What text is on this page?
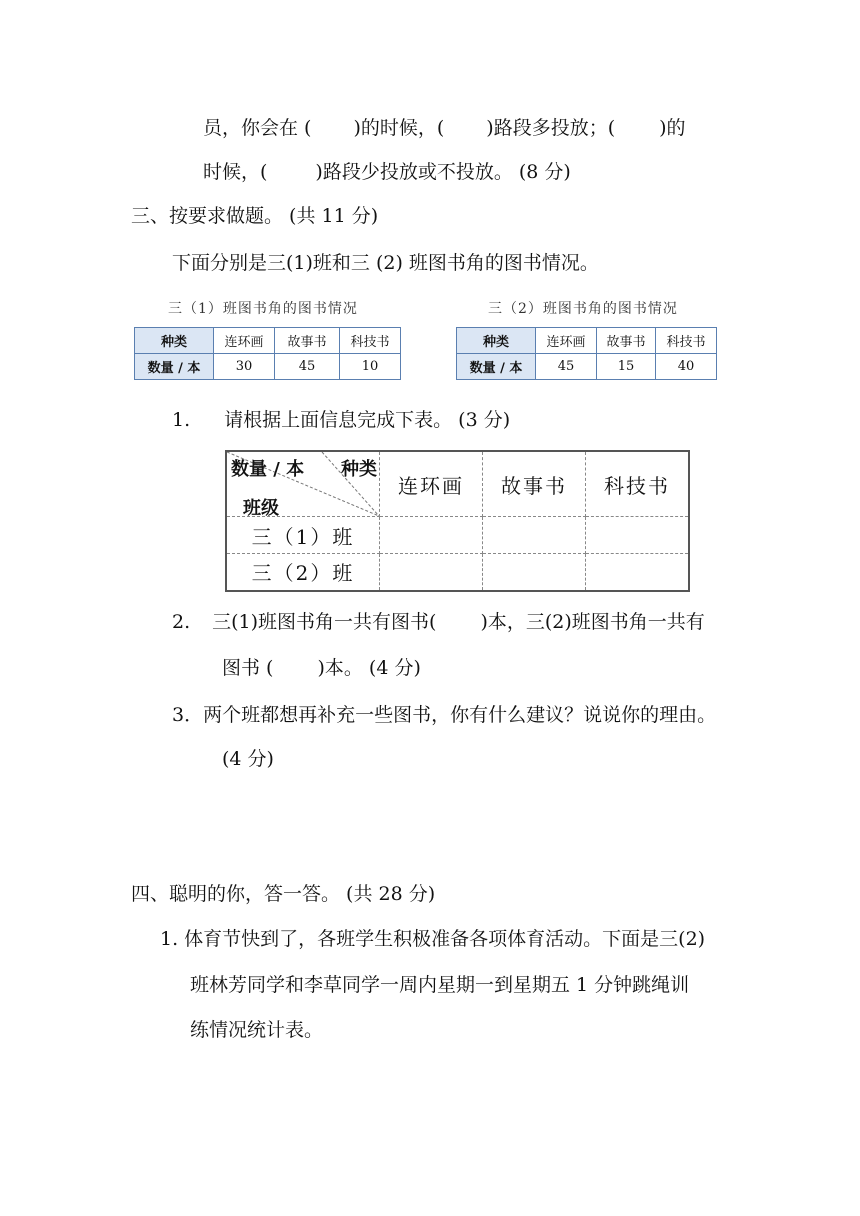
员，你会在 ( )的时候，( )路段多投放；( )的
时候，(	)路段少投放或不投放。 (8 分)
三、按要求做题。 (共 11 分)
下面分别是三(1)班和三 (2) 班图书角的图书情况。
三（1）班图书角的图书情况
种类	连环画	故事书	科技书
数量 / 本	30	45	10
三（2）班图书角的图书情况
种类	连环画	故事书	科技书
数量 / 本	45	15	40
1. 请根据上面信息完成下表。 (3 分)
数量 / 本 种类
班级	连环画	故事书	科技书
三（1）班			
三（2）班			
2. 三(1)班图书角一共有图书( )本，三(2)班图书角一共有
图书 ( )本。 (4 分)
3．两个班都想再补充一些图书，你有什么建议？说说你的理由。
(4 分)
四、聪明的你，答一答。 (共 28 分)
1. 体育节快到了，各班学生积极准备各项体育活动。下面是三(2)
班林芳同学和李草同学一周内星期一到星期五 1 分钟跳绳训
练情况统计表。
